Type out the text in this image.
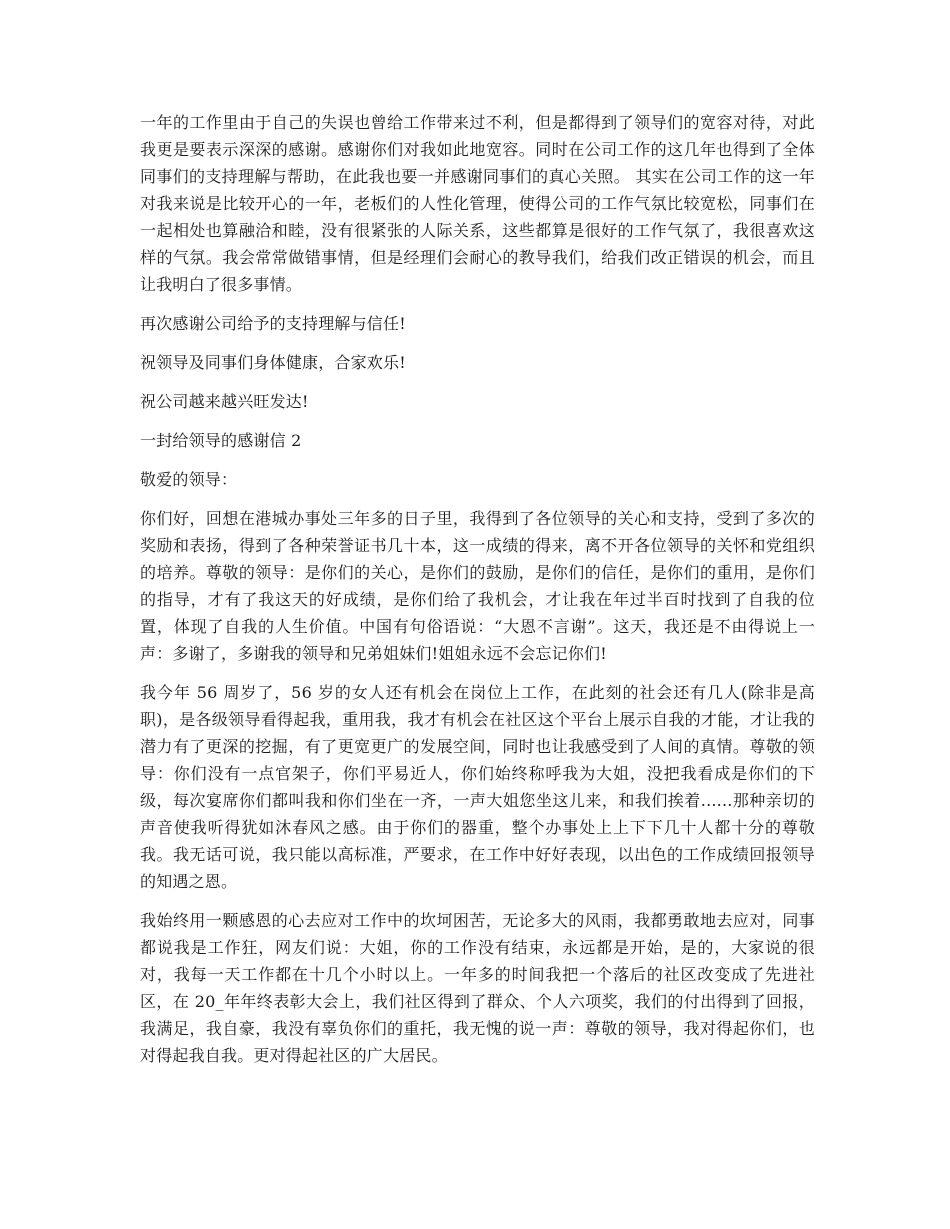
一年的工作里由于自己的失误也曾给工作带来过不利，但是都得到了领导们的宽容对待，对此我更是要表示深深的感谢。感谢你们对我如此地宽容。同时在公司工作的这几年也得到了全体同事们的支持理解与帮助，在此我也要一并感谢同事们的真心关照。 其实在公司工作的这一年对我来说是比较开心的一年，老板们的人性化管理，使得公司的工作气氛比较宽松，同事们在一起相处也算融洽和睦，没有很紧张的人际关系，这些都算是很好的工作气氛了，我很喜欢这样的气氛。我会常常做错事情，但是经理们会耐心的教导我们，给我们改正错误的机会，而且让我明白了很多事情。

再次感谢公司给予的支持理解与信任!

祝领导及同事们身体健康，合家欢乐!

祝公司越来越兴旺发达!

一封给领导的感谢信 2

敬爱的领导：

你们好，回想在港城办事处三年多的日子里，我得到了各位领导的关心和支持，受到了多次的奖励和表扬，得到了各种荣誉证书几十本，这一成绩的得来，离不开各位领导的关怀和党组织的培养。尊敬的领导：是你们的关心，是你们的鼓励，是你们的信任，是你们的重用，是你们的指导，才有了我这天的好成绩，是你们给了我机会，才让我在年过半百时找到了自我的位置，体现了自我的人生价值。中国有句俗语说：“大恩不言谢”。这天，我还是不由得说上一声：多谢了，多谢我的领导和兄弟姐妹们!姐姐永远不会忘记你们!

我今年 56 周岁了，56 岁的女人还有机会在岗位上工作，在此刻的社会还有几人(除非是高职)，是各级领导看得起我，重用我，我才有机会在社区这个平台上展示自我的才能，才让我的潜力有了更深的挖掘，有了更宽更广的发展空间，同时也让我感受到了人间的真情。尊敬的领导：你们没有一点官架子，你们平易近人，你们始终称呼我为大姐，没把我看成是你们的下级，每次宴席你们都叫我和你们坐在一齐，一声大姐您坐这儿来，和我们挨着......那种亲切的声音使我听得犹如沐春风之感。由于你们的器重，整个办事处上上下下几十人都十分的尊敬我。我无话可说，我只能以高标准，严要求，在工作中好好表现，以出色的工作成绩回报领导的知遇之恩。

我始终用一颗感恩的心去应对工作中的坎坷困苦，无论多大的风雨，我都勇敢地去应对，同事都说我是工作狂，网友们说：大姐，你的工作没有结束，永远都是开始，是的，大家说的很对，我每一天工作都在十几个小时以上。一年多的时间我把一个落后的社区改变成了先进社区，在 20_年年终表彰大会上，我们社区得到了群众、个人六项奖，我们的付出得到了回报，我满足，我自豪，我没有辜负你们的重托，我无愧的说一声：尊敬的领导，我对得起你们，也对得起我自我。更对得起社区的广大居民。
